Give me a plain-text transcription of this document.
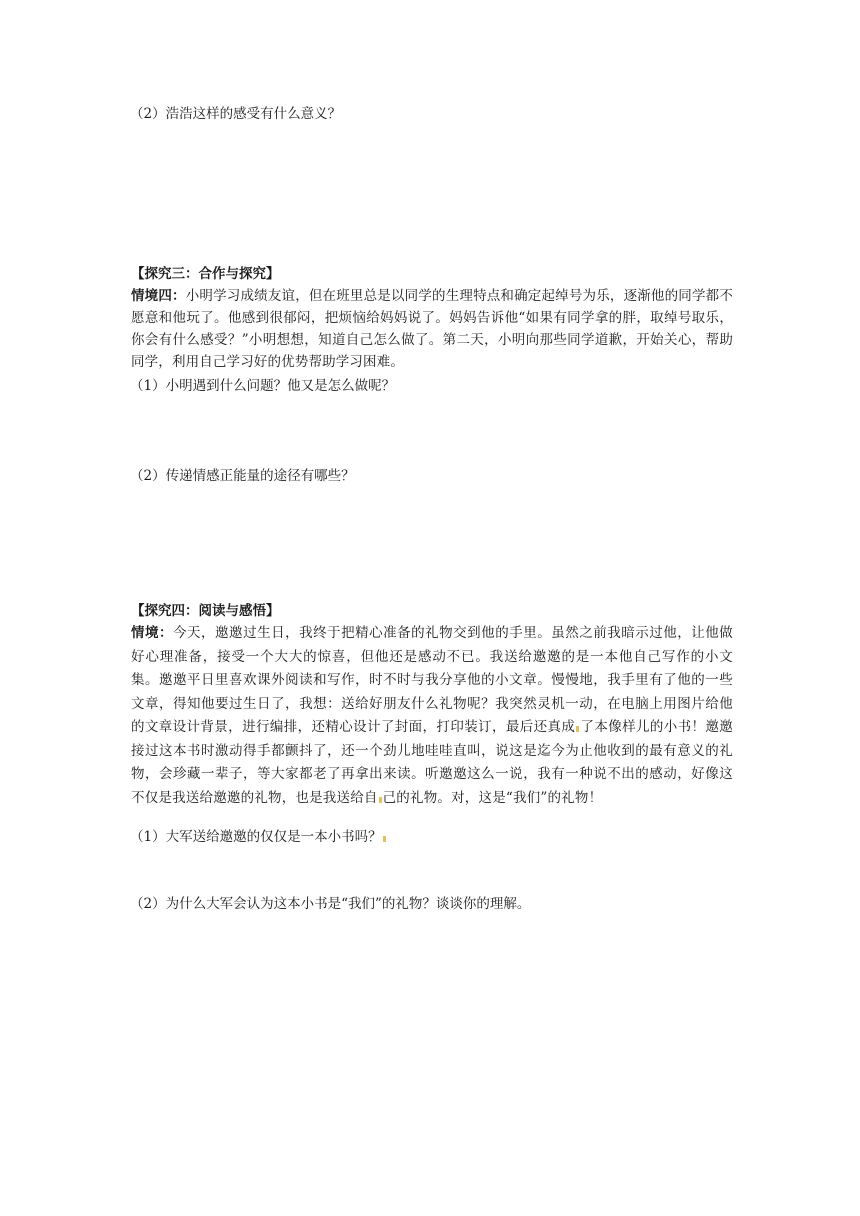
（2）浩浩这样的感受有什么意义？
【探究三：合作与探究】
情境四：小明学习成绩友谊，但在班里总是以同学的生理特点和确定起绰号为乐，逐渐他的同学都不愿意和他玩了。他感到很郁闷，把烦恼给妈妈说了。妈妈告诉他“如果有同学拿的胖，取绰号取乐，你会有什么感受？”小明想想，知道自己怎么做了。第二天，小明向那些同学道歉，开始关心，帮助同学，利用自己学习好的优势帮助学习困难。
（1）小明遇到什么问题？他又是怎么做呢？
（2）传递情感正能量的途径有哪些？
【探究四：阅读与感悟】
情境：今天，邀邀过生日，我终于把精心准备的礼物交到他的手里。虽然之前我暗示过他，让他做好心理准备，接受一个大大的惊喜，但他还是感动不已。我送给邀邀的是一本他自己写作的小文集。邀邀平日里喜欢课外阅读和写作，时不时与我分享他的小文章。慢慢地，我手里有了他的一些文章，得知他要过生日了，我想：送给好朋友什么礼物呢？我突然灵机一动，在电脑上用图片给他的文章设计背景，进行编排，还精心设计了封面，打印装订，最后还真成 了本像样儿的小书！邀邀接过这本书时激动得手都颤抖了，还一个劲儿地哇哇直叫，说这是迄今为止他收到的最有意义的礼物，会珍藏一辈子，等大家都老了再拿出来读。听邀邀这么一说，我有一种说不出的感动，好像这不仅是我送给邀邀的礼物，也是我送给自 己的礼物。对，这是“我们”的礼物！
（1）大军送给邀邀的仅仅是一本小书吗？
（2）为什么大军会认为这本小书是“我们”的礼物？谈谈你的理解。
